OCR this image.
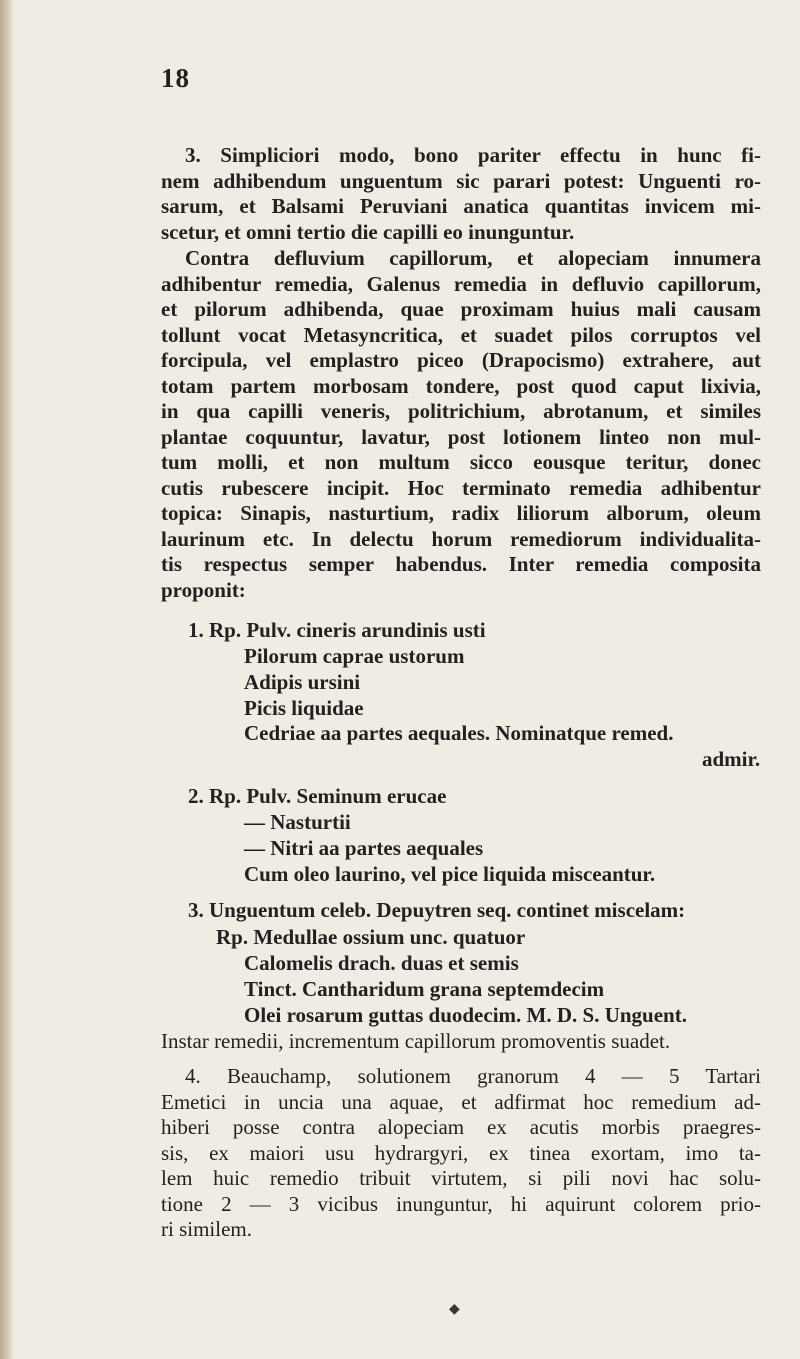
18

3. Simpliciori modo, bono pariter effectu in hunc fi-
nem adhibendum unguentum sic parari potest: Unguenti ro-
sarum, et Balsami Peruviani anatica quantitas invicem mi-
scetur, et omni tertio die capilli eo inunguntur.

Contra defluvium capillorum, et alopeciam innumera
adhibentur remedia, Galenus remedia in defluvio capillorum,
et pilorum adhibenda, quae proximam huius mali causam
tollunt vocat Metasyncritica, et suadet pilos corruptos vel
forcipula, vel emplastro piceo (Drapocismo) extrahere, aut
totam partem morbosam tondere, post quod caput lixivia,
in qua capilli veneris, politrichium, abrotanum, et similes
plantae coquuntur, lavatur, post lotionem linteo non mul-
tum molli, et non multum sicco eousque teritur, donec
cutis rubescere incipit. Hoc terminato remedia adhibentur
topica: Sinapis, nasturtium, radix liliorum alborum, oleum
laurinum etc. In delectu horum remediorum individualita-
tis respectus semper habendus. Inter remedia composita
proponit:

1. Rp. Pulv. cineris arundinis usti
Pilorum caprae ustorum
Adipis ursini
Picis liquidae
Cedriae aa partes aequales. Nominatque remed.
admir.
2. Rp. Pulv. Seminum erucae
— Nasturtii
— Nitri aa partes aequales
Cum oleo laurino, vel pice liquida misceantur.
3. Unguentum celeb. Depuytren seq. continet miscelam:
Rp. Medullae ossium unc. quatuor
Calomelis drach. duas et semis
Tinct. Cantharidum grana septemdecim
Olei rosarum guttas duodecim. M. D. S. Unguent.
Instar remedii, incrementum capillorum promoventis suadet.

4. Beauchamp, solutionem granorum 4 — 5 Tartari
Emetici in uncia una aquae, et adfirmat hoc remedium ad-
hiberi posse contra alopeciam ex acutis morbis praegres-
sis, ex maiori usu hydrargyri, ex tinea exortam, imo ta-
lem huic remedio tribuit virtutem, si pili novi hac solu-
tione 2 — 3 vicibus inunguntur, hi aquirunt colorem prio-
ri similem.

◆
